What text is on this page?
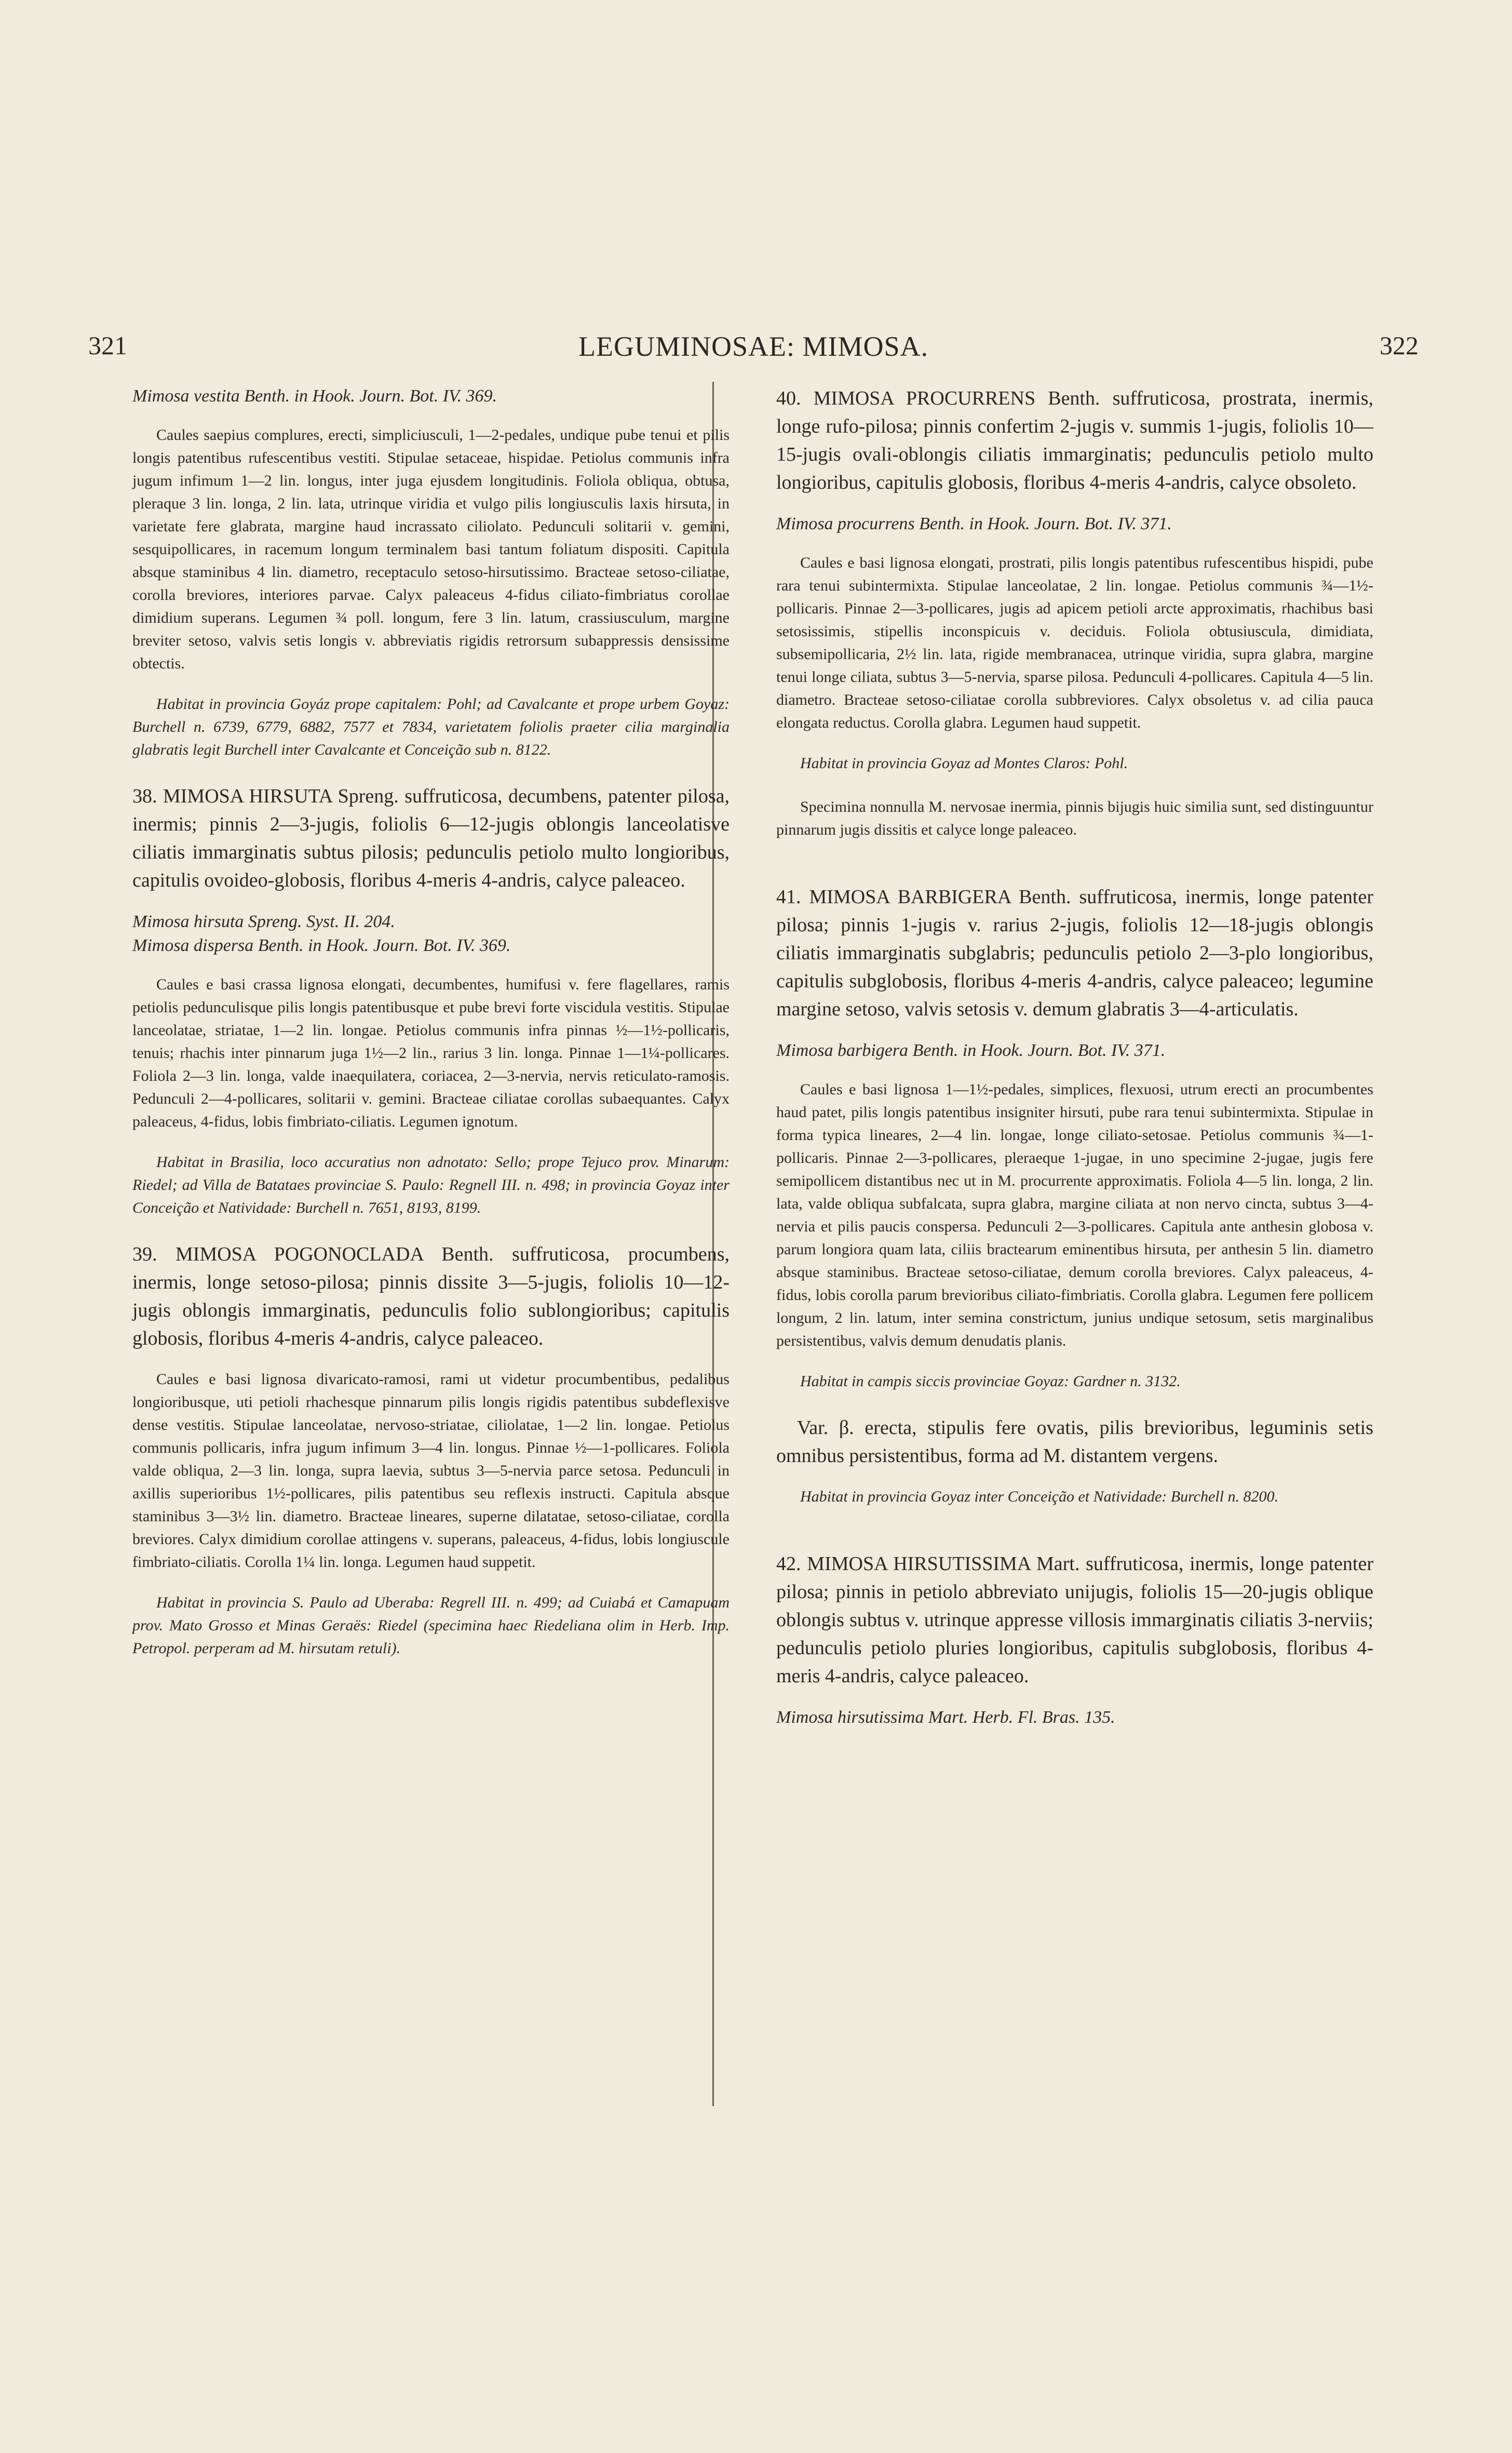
321	LEGUMINOSAE: MIMOSA.	322

Mimosa vestita Benth. in Hook. Journ. Bot. IV. 369.

Caules saepius complures, erecti, simpliciusculi, 1—2-pedales, undique pube tenui et pilis longis patentibus rufescentibus vestiti. Stipulae setaceae, hispidae. Petiolus communis infra jugum infimum 1—2 lin. longus, inter juga ejusdem longitudinis. Foliola obliqua, obtusa, pleraque 3 lin. longa, 2 lin. lata, utrinque viridia et vulgo pilis longiusculis laxis hirsuta, in varietate fere glabrata, margine haud incrassato ciliolato. Pedunculi solitarii v. gemini, sesquipollicares, in racemum longum terminalem basi tantum foliatum dispositi. Capitula absque staminibus 4 lin. diametro, receptaculo setoso-hirsutissimo. Bracteae setoso-ciliatae, corolla breviores, interiores parvae. Calyx paleaceus 4-fidus ciliato-fimbriatus corollae dimidium superans. Legumen ¾ poll. longum, fere 3 lin. latum, crassiusculum, margine breviter setoso, valvis setis longis v. abbreviatis rigidis retrorsum subappressis densissime obtectis.

Habitat in provincia Goyáz prope capitalem: Pohl; ad Cavalcante et prope urbem Goyaz: Burchell n. 6739, 6779, 6882, 7577 et 7834, varietatem foliolis praeter cilia marginalia glabratis legit Burchell inter Cavalcante et Conceição sub n. 8122.

38. MIMOSA HIRSUTA Spreng. suffruticosa, decumbens, patenter pilosa, inermis; pinnis 2—3-jugis, foliolis 6—12-jugis oblongis lanceolatisve ciliatis immarginatis subtus pilosis; pedunculis petiolo multo longioribus, capitulis ovoideo-globosis, floribus 4-meris 4-andris, calyce paleaceo.

Mimosa hirsuta Spreng. Syst. II. 204.

Mimosa dispersa Benth. in Hook. Journ. Bot. IV. 369.

Caules e basi crassa lignosa elongati, decumbentes, humifusi v. fere flagellares, ramis petiolis pedunculisque pilis longis patentibusque et pube brevi forte viscidula vestitis. Stipulae lanceolatae, striatae, 1—2 lin. longae. Petiolus communis infra pinnas ½—1½-pollicaris, tenuis; rhachis inter pinnarum juga 1½—2 lin., rarius 3 lin. longa. Pinnae 1—1¼-pollicares. Foliola 2—3 lin. longa, valde inaequilatera, coriacea, 2—3-nervia, nervis reticulato-ramosis. Pedunculi 2—4-pollicares, solitarii v. gemini. Bracteae ciliatae corollas subaequantes. Calyx paleaceus, 4-fidus, lobis fimbriato-ciliatis. Legumen ignotum.

Habitat in Brasilia, loco accuratius non adnotato: Sello; prope Tejuco prov. Minarum: Riedel; ad Villa de Batataes provinciae S. Paulo: Regnell III. n. 498; in provincia Goyaz inter Conceição et Natividade: Burchell n. 7651, 8193, 8199.

39. MIMOSA POGONOCLADA Benth. suffruticosa, procumbens, inermis, longe setoso-pilosa; pinnis dissite 3—5-jugis, foliolis 10—12-jugis oblongis immarginatis, pedunculis folio sublongioribus; capitulis globosis, floribus 4-meris 4-andris, calyce paleaceo.

Caules e basi lignosa divaricato-ramosi, rami ut videtur procumbentibus, pedalibus longioribusque, uti petioli rhachesque pinnarum pilis longis rigidis patentibus subdeflexisve dense vestitis. Stipulae lanceolatae, nervoso-striatae, ciliolatae, 1—2 lin. longae. Petiolus communis pollicaris, infra jugum infimum 3—4 lin. longus. Pinnae ½—1-pollicares. Foliola valde obliqua, 2—3 lin. longa, supra laevia, subtus 3—5-nervia parce setosa. Pedunculi in axillis superioribus 1½-pollicares, pilis patentibus seu reflexis instructi. Capitula absque staminibus 3—3½ lin. diametro. Bracteae lineares, superne dilatatae, setoso-ciliatae, corolla breviores. Calyx dimidium corollae attingens v. superans, paleaceus, 4-fidus, lobis longiuscule fimbriato-ciliatis. Corolla 1¼ lin. longa. Legumen haud suppetit.

Habitat in provincia S. Paulo ad Uberaba: Regrell III. n. 499; ad Cuiabá et Camapuam prov. Mato Grosso et Minas Geraës: Riedel (specimina haec Riedeliana olim in Herb. Imp. Petropol. perperam ad M. hirsutam retuli).

40. MIMOSA PROCURRENS Benth. suffruticosa, prostrata, inermis, longe rufo-pilosa; pinnis confertim 2-jugis v. summis 1-jugis, foliolis 10—15-jugis ovali-oblongis ciliatis immarginatis; pedunculis petiolo multo longioribus, capitulis globosis, floribus 4-meris 4-andris, calyce obsoleto.

Mimosa procurrens Benth. in Hook. Journ. Bot. IV. 371.

Caules e basi lignosa elongati, prostrati, pilis longis patentibus rufescentibus hispidi, pube rara tenui subintermixta. Stipulae lanceolatae, 2 lin. longae. Petiolus communis ¾—1½-pollicaris. Pinnae 2—3-pollicares, jugis ad apicem petioli arcte approximatis, rhachibus basi setosissimis, stipellis inconspicuis v. deciduis. Foliola obtusiuscula, dimidiata, subsemipollicaria, 2½ lin. lata, rigide membranacea, utrinque viridia, supra glabra, margine tenui longe ciliata, subtus 3—5-nervia, sparse pilosa. Pedunculi 4-pollicares. Capitula 4—5 lin. diametro. Bracteae setoso-ciliatae corolla subbreviores. Calyx obsoletus v. ad cilia pauca elongata reductus. Corolla glabra. Legumen haud suppetit.

Habitat in provincia Goyaz ad Montes Claros: Pohl.

Specimina nonnulla M. nervosae inermia, pinnis bijugis huic similia sunt, sed distinguuntur pinnarum jugis dissitis et calyce longe paleaceo.

41. MIMOSA BARBIGERA Benth. suffruticosa, inermis, longe patenter pilosa; pinnis 1-jugis v. rarius 2-jugis, foliolis 12—18-jugis oblongis ciliatis immarginatis subglabris; pedunculis petiolo 2—3-plo longioribus, capitulis subglobosis, floribus 4-meris 4-andris, calyce paleaceo; legumine margine setoso, valvis setosis v. demum glabratis 3—4-articulatis.

Mimosa barbigera Benth. in Hook. Journ. Bot. IV. 371.

Caules e basi lignosa 1—1½-pedales, simplices, flexuosi, utrum erecti an procumbentes haud patet, pilis longis patentibus insigniter hirsuti, pube rara tenui subintermixta. Stipulae in forma typica lineares, 2—4 lin. longae, longe ciliato-setosae. Petiolus communis ¾—1-pollicaris. Pinnae 2—3-pollicares, pleraeque 1-jugae, in uno specimine 2-jugae, jugis fere semipollicem distantibus nec ut in M. procurrente approximatis. Foliola 4—5 lin. longa, 2 lin. lata, valde obliqua subfalcata, supra glabra, margine ciliata at non nervo cincta, subtus 3—4-nervia et pilis paucis conspersa. Pedunculi 2—3-pollicares. Capitula ante anthesin globosa v. parum longiora quam lata, ciliis bractearum eminentibus hirsuta, per anthesin 5 lin. diametro absque staminibus. Bracteae setoso-ciliatae, demum corolla breviores. Calyx paleaceus, 4-fidus, lobis corolla parum brevioribus ciliato-fimbriatis. Corolla glabra. Legumen fere pollicem longum, 2 lin. latum, inter semina constrictum, junius undique setosum, setis marginalibus persistentibus, valvis demum denudatis planis.

Habitat in campis siccis provinciae Goyaz: Gardner n. 3132.

Var. β. erecta, stipulis fere ovatis, pilis brevioribus, leguminis setis omnibus persistentibus, forma ad M. distantem vergens.

Habitat in provincia Goyaz inter Conceição et Natividade: Burchell n. 8200.

42. MIMOSA HIRSUTISSIMA Mart. suffruticosa, inermis, longe patenter pilosa; pinnis in petiolo abbreviato unijugis, foliolis 15—20-jugis oblique oblongis subtus v. utrinque appresse villosis immarginatis ciliatis 3-nerviis; pedunculis petiolo pluries longioribus, capitulis subglobosis, floribus 4-meris 4-andris, calyce paleaceo.

Mimosa hirsutissima Mart. Herb. Fl. Bras. 135.
